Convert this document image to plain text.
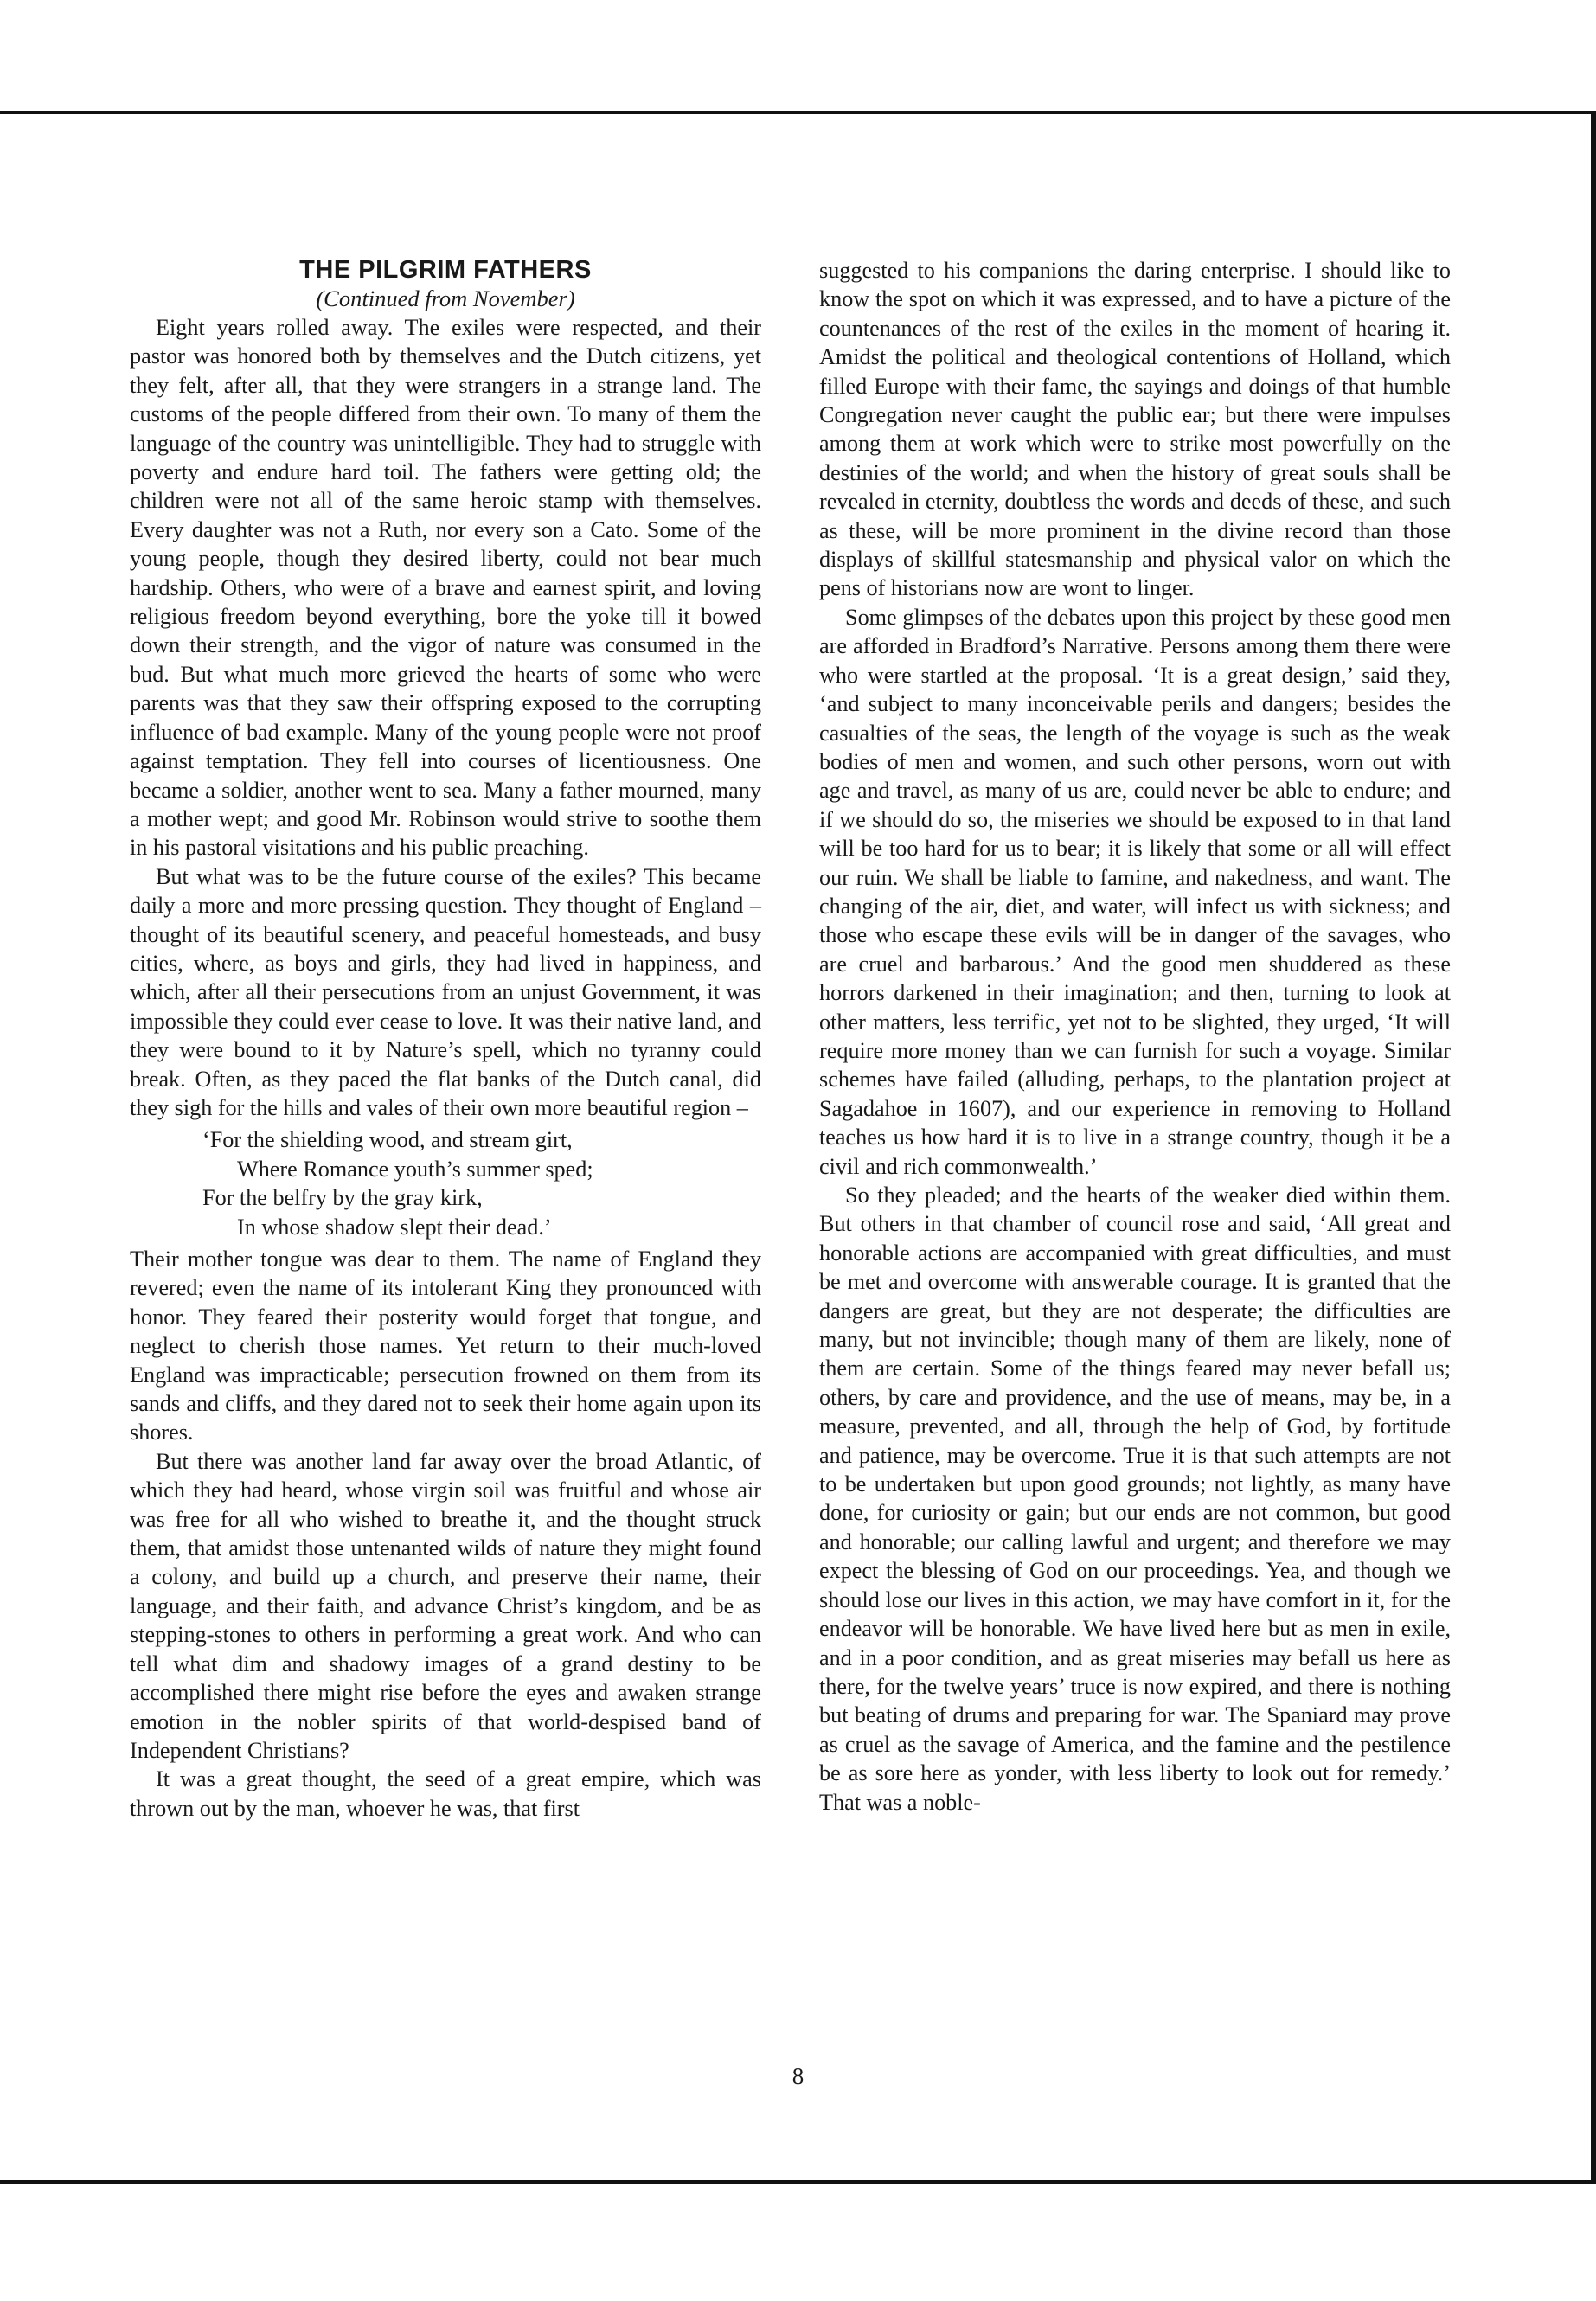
THE PILGRIM FATHERS

(Continued from November)

Eight years rolled away. The exiles were respected, and their pastor was honored both by themselves and the Dutch citizens, yet they felt, after all, that they were strangers in a strange land. The customs of the people differed from their own. To many of them the language of the country was unintelligible. They had to struggle with poverty and endure hard toil. The fathers were getting old; the children were not all of the same heroic stamp with themselves. Every daughter was not a Ruth, nor every son a Cato. Some of the young people, though they desired liberty, could not bear much hardship. Others, who were of a brave and earnest spirit, and loving religious freedom beyond everything, bore the yoke till it bowed down their strength, and the vigor of nature was consumed in the bud. But what much more grieved the hearts of some who were parents was that they saw their offspring exposed to the corrupting influence of bad example. Many of the young people were not proof against temptation. They fell into courses of licentiousness. One became a soldier, another went to sea. Many a father mourned, many a mother wept; and good Mr. Robinson would strive to soothe them in his pastoral visitations and his public preaching.

But what was to be the future course of the exiles? This became daily a more and more pressing question. They thought of England – thought of its beautiful scenery, and peaceful homesteads, and busy cities, where, as boys and girls, they had lived in happiness, and which, after all their persecutions from an unjust Government, it was impossible they could ever cease to love. It was their native land, and they were bound to it by Nature’s spell, which no tyranny could break. Often, as they paced the flat banks of the Dutch canal, did they sigh for the hills and vales of their own more beautiful region –

‘For the shielding wood, and stream girt,
Where Romance youth’s summer sped;
For the belfry by the gray kirk,
In whose shadow slept their dead.’

Their mother tongue was dear to them. The name of England they revered; even the name of its intolerant King they pronounced with honor. They feared their posterity would forget that tongue, and neglect to cherish those names. Yet return to their much-loved England was impracticable; persecution frowned on them from its sands and cliffs, and they dared not to seek their home again upon its shores.

But there was another land far away over the broad Atlantic, of which they had heard, whose virgin soil was fruitful and whose air was free for all who wished to breathe it, and the thought struck them, that amidst those untenanted wilds of nature they might found a colony, and build up a church, and preserve their name, their language, and their faith, and advance Christ’s kingdom, and be as stepping-stones to others in performing a great work. And who can tell what dim and shadowy images of a grand destiny to be accomplished there might rise before the eyes and awaken strange emotion in the nobler spirits of that world-despised band of Independent Christians?

It was a great thought, the seed of a great empire, which was thrown out by the man, whoever he was, that first

suggested to his companions the daring enterprise. I should like to know the spot on which it was expressed, and to have a picture of the countenances of the rest of the exiles in the moment of hearing it. Amidst the political and theological contentions of Holland, which filled Europe with their fame, the sayings and doings of that humble Congregation never caught the public ear; but there were impulses among them at work which were to strike most powerfully on the destinies of the world; and when the history of great souls shall be revealed in eternity, doubtless the words and deeds of these, and such as these, will be more prominent in the divine record than those displays of skillful statesmanship and physical valor on which the pens of historians now are wont to linger.

Some glimpses of the debates upon this project by these good men are afforded in Bradford’s Narrative. Persons among them there were who were startled at the proposal. ‘It is a great design,’ said they, ‘and subject to many inconceivable perils and dangers; besides the casualties of the seas, the length of the voyage is such as the weak bodies of men and women, and such other persons, worn out with age and travel, as many of us are, could never be able to endure; and if we should do so, the miseries we should be exposed to in that land will be too hard for us to bear; it is likely that some or all will effect our ruin. We shall be liable to famine, and nakedness, and want. The changing of the air, diet, and water, will infect us with sickness; and those who escape these evils will be in danger of the savages, who are cruel and barbarous.’ And the good men shuddered as these horrors darkened in their imagination; and then, turning to look at other matters, less terrific, yet not to be slighted, they urged, ‘It will require more money than we can furnish for such a voyage. Similar schemes have failed (alluding, perhaps, to the plantation project at Sagadahoe in 1607), and our experience in removing to Holland teaches us how hard it is to live in a strange country, though it be a civil and rich commonwealth.’

So they pleaded; and the hearts of the weaker died within them. But others in that chamber of council rose and said, ‘All great and honorable actions are accompanied with great difficulties, and must be met and overcome with answerable courage. It is granted that the dangers are great, but they are not desperate; the difficulties are many, but not invincible; though many of them are likely, none of them are certain. Some of the things feared may never befall us; others, by care and providence, and the use of means, may be, in a measure, prevented, and all, through the help of God, by fortitude and patience, may be overcome. True it is that such attempts are not to be undertaken but upon good grounds; not lightly, as many have done, for curiosity or gain; but our ends are not common, but good and honorable; our calling lawful and urgent; and therefore we may expect the blessing of God on our proceedings. Yea, and though we should lose our lives in this action, we may have comfort in it, for the endeavor will be honorable. We have lived here but as men in exile, and in a poor condition, and as great miseries may befall us here as there, for the twelve years’ truce is now expired, and there is nothing but beating of drums and preparing for war. The Spaniard may prove as cruel as the savage of America, and the famine and the pestilence be as sore here as yonder, with less liberty to look out for remedy.’ That was a noble-

8
